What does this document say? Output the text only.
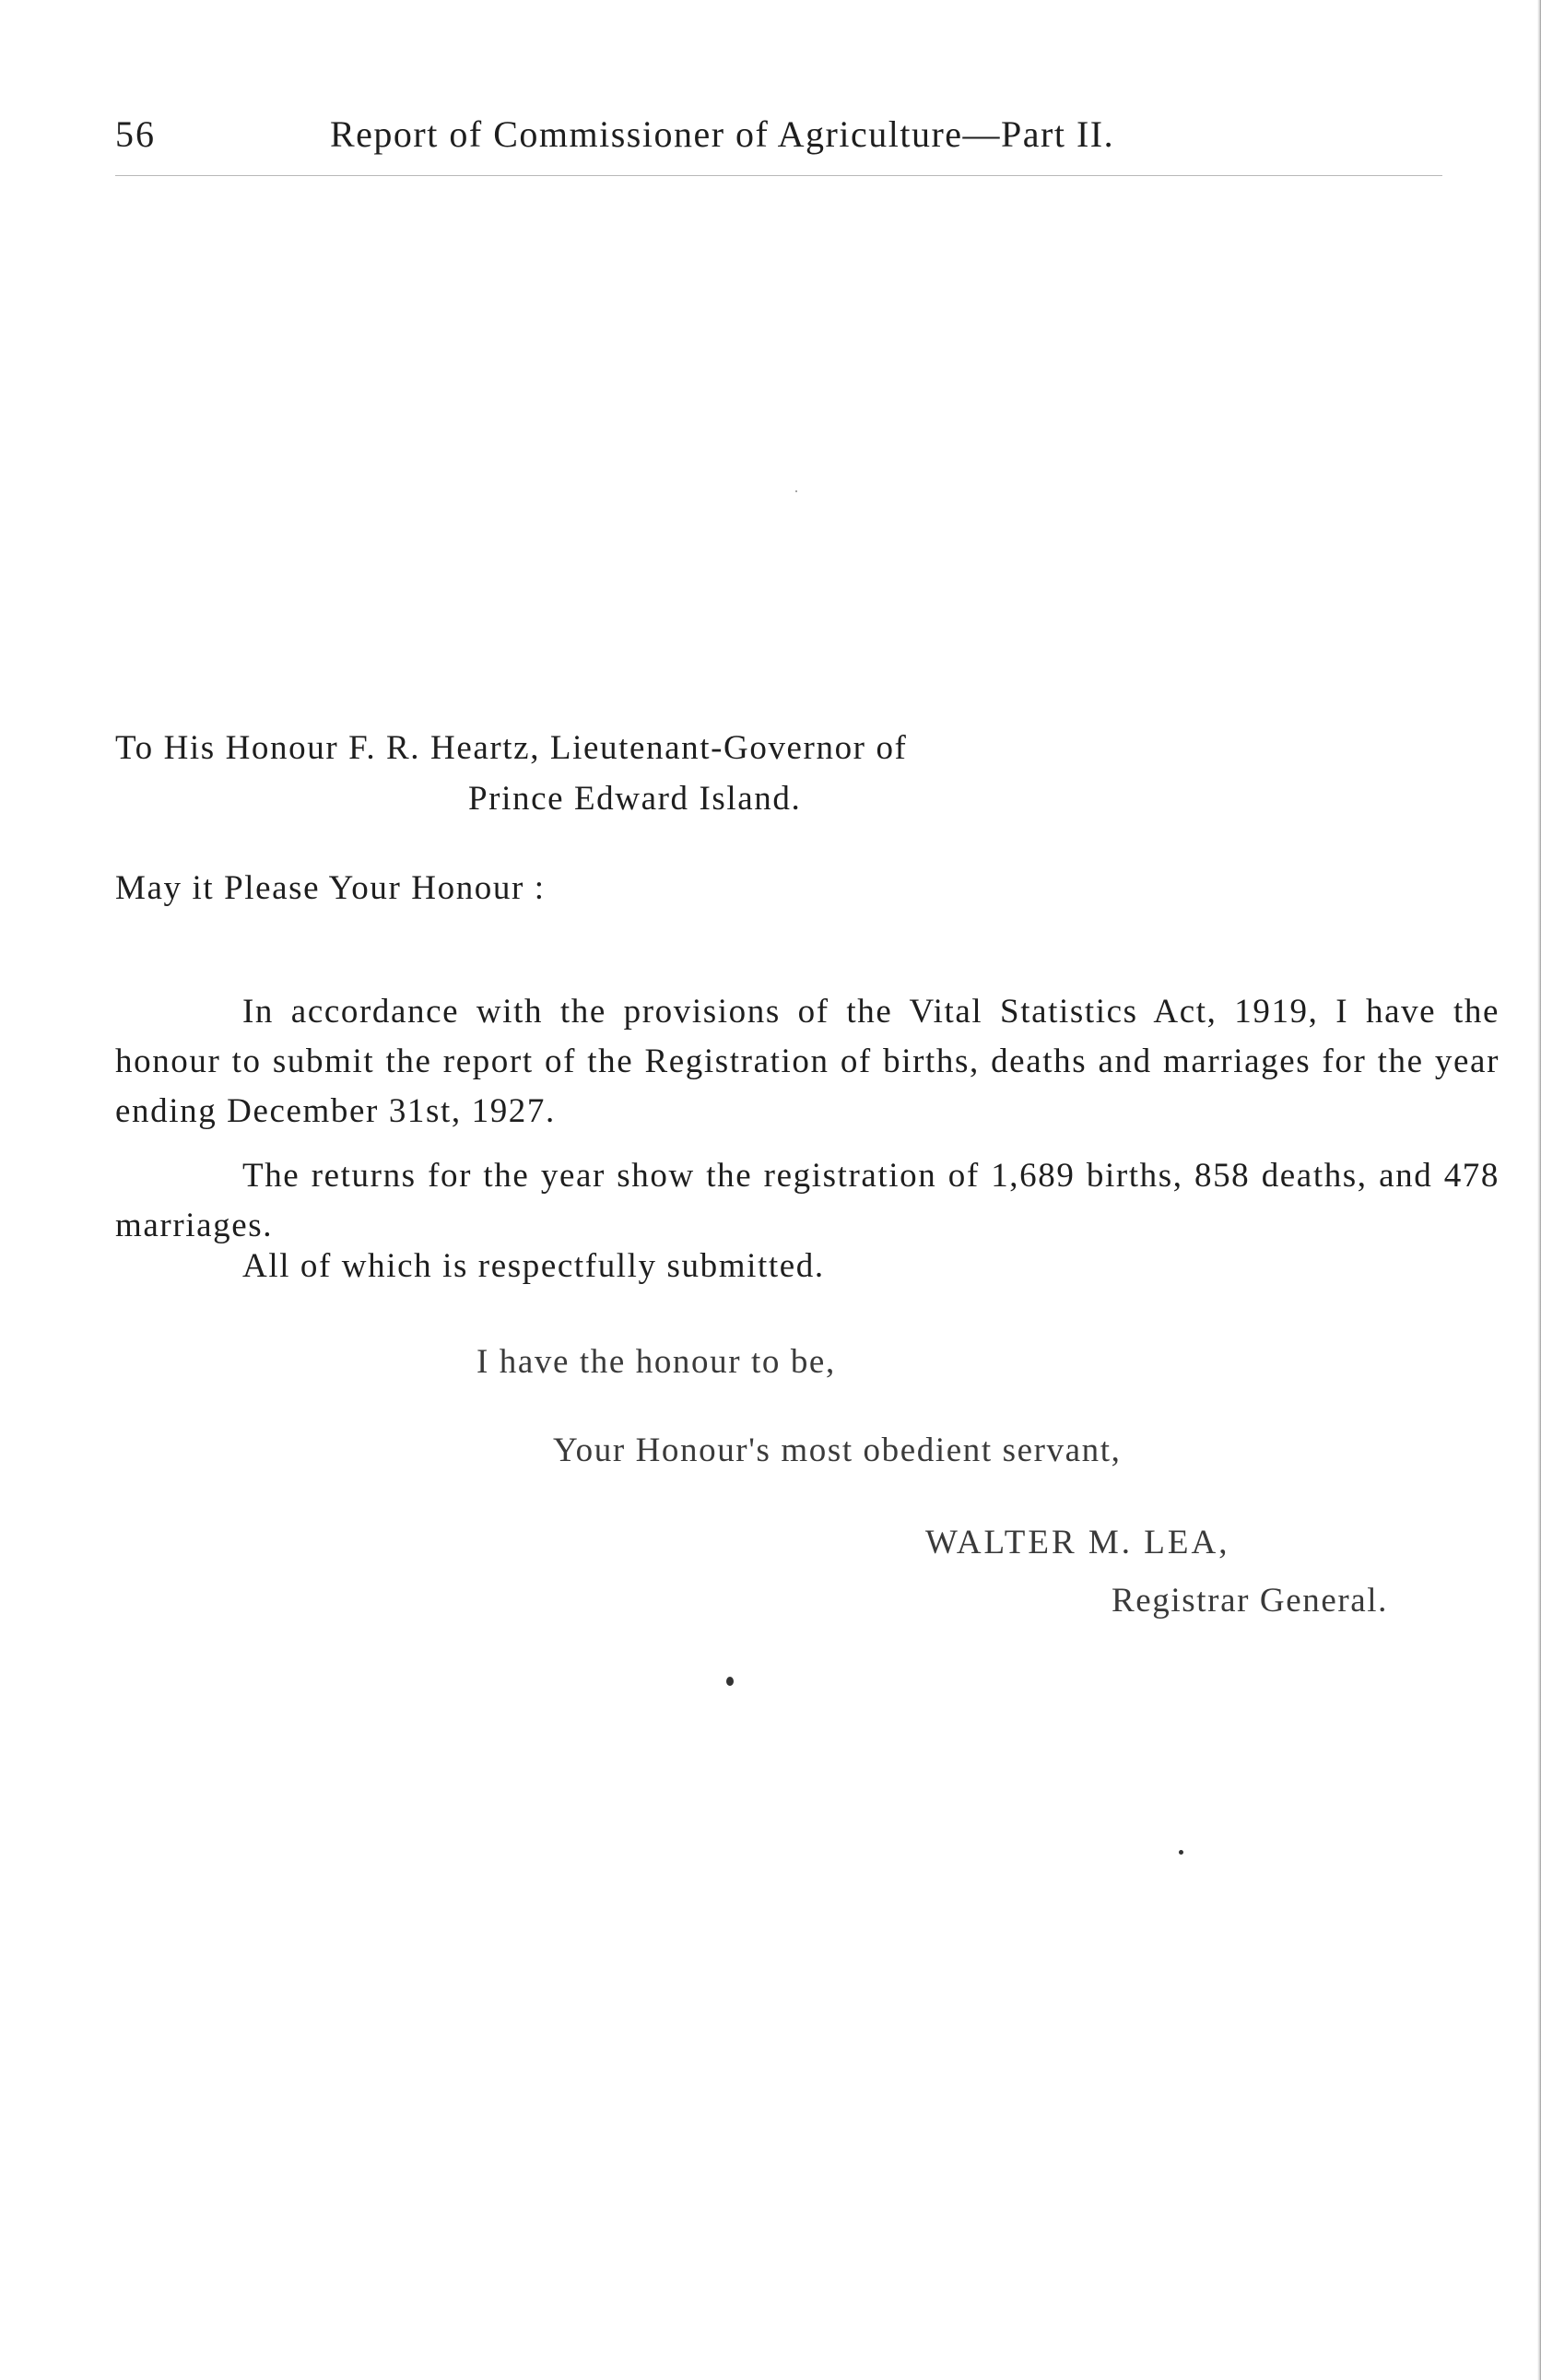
56	Report of Commissioner of Agriculture—Part II.
To His Honour F. R. Heartz, Lieutenant-Governor of
Prince Edward Island.
May it Please Your Honour :

In accordance with the provisions of the Vital Statistics Act, 1919, I have the honour to submit the report of the Registration of births, deaths and marriages for the year ending December 31st, 1927.

The returns for the year show the registration of 1,689 births, 858 deaths, and 478 marriages.

All of which is respectfully submitted.
I have the honour to be,
Your Honour's most obedient servant,
WALTER M. LEA,
Registrar General.
